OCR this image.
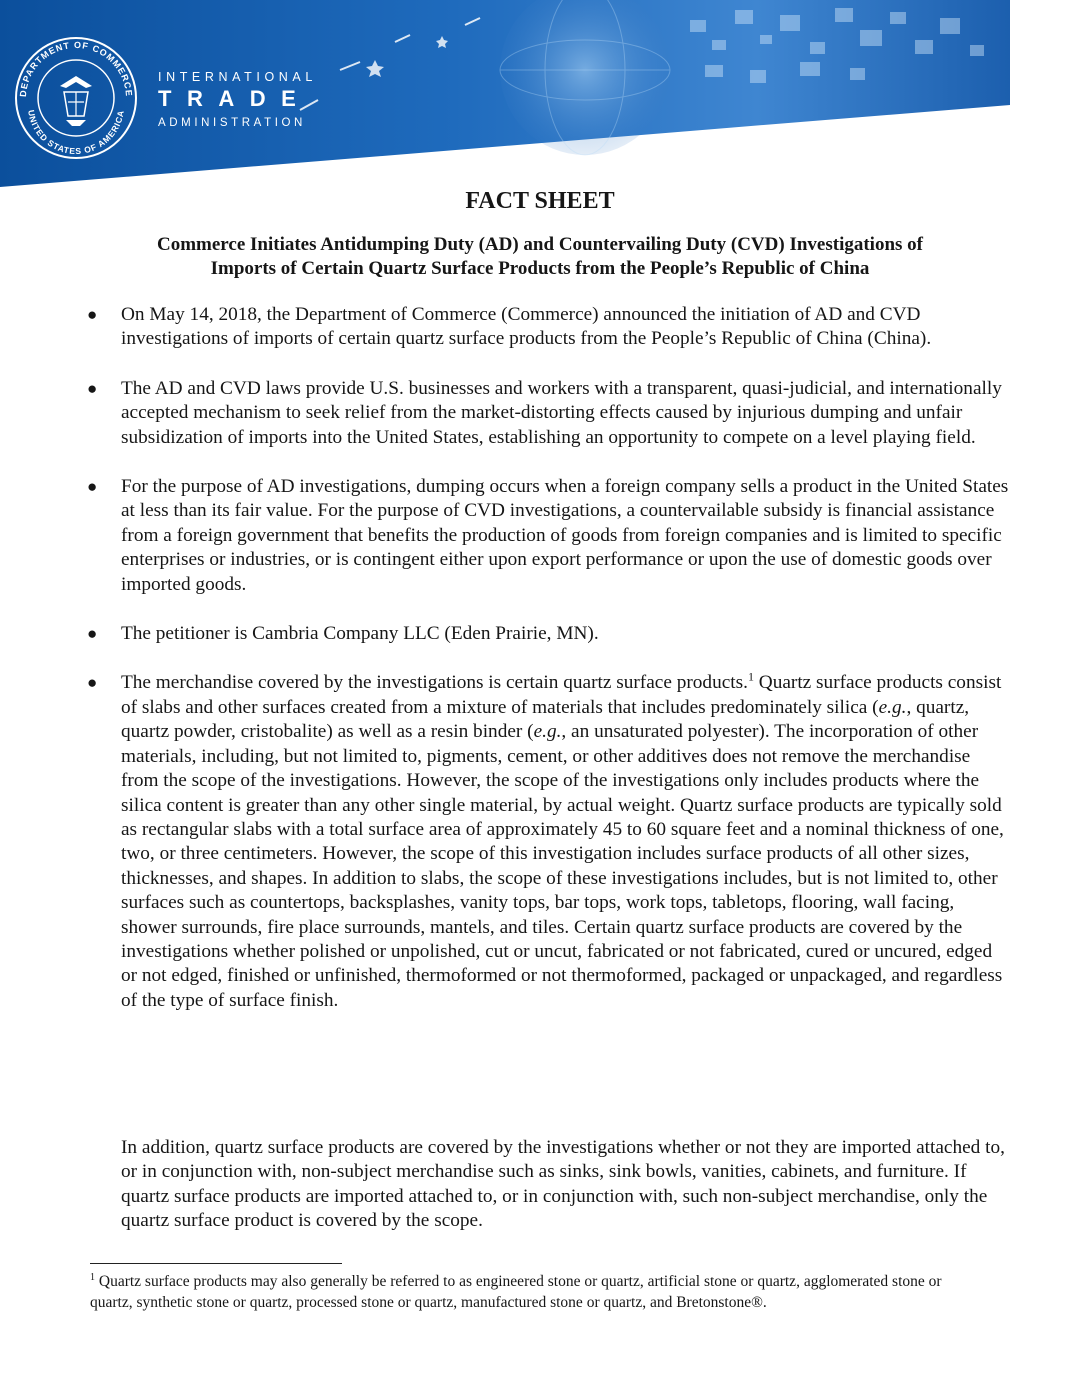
DEPARTMENT OF COMMERCE
UNITED STATES OF AMERICA
INTERNATIONAL
TRADE
ADMINISTRATION
FACT SHEET
Commerce Initiates Antidumping Duty (AD) and Countervailing Duty (CVD) Investigations of
Imports of Certain Quartz Surface Products from the People’s Republic of China
● On May 14, 2018, the Department of Commerce (Commerce) announced the initiation of AD and CVD investigations of imports of certain quartz surface products from the People’s Republic of China (China).
● The AD and CVD laws provide U.S. businesses and workers with a transparent, quasi-judicial, and internationally accepted mechanism to seek relief from the market-distorting effects caused by injurious dumping and unfair subsidization of imports into the United States, establishing an opportunity to compete on a level playing field.
● For the purpose of AD investigations, dumping occurs when a foreign company sells a product in the United States at less than its fair value. For the purpose of CVD investigations, a countervailable subsidy is financial assistance from a foreign government that benefits the production of goods from foreign companies and is limited to specific enterprises or industries, or is contingent either upon export performance or upon the use of domestic goods over imported goods.
● The petitioner is Cambria Company LLC (Eden Prairie, MN).
● The merchandise covered by the investigations is certain quartz surface products.$^1$ Quartz surface products consist of slabs and other surfaces created from a mixture of materials that includes predominately silica (e.g., quartz, quartz powder, cristobalite) as well as a resin binder (e.g., an unsaturated polyester). The incorporation of other materials, including, but not limited to, pigments, cement, or other additives does not remove the merchandise from the scope of the investigations. However, the scope of the investigations only includes products where the silica content is greater than any other single material, by actual weight. Quartz surface products are typically sold as rectangular slabs with a total surface area of approximately 45 to 60 square feet and a nominal thickness of one, two, or three centimeters. However, the scope of this investigation includes surface products of all other sizes, thicknesses, and shapes. In addition to slabs, the scope of these investigations includes, but is not limited to, other surfaces such as countertops, backsplashes, vanity tops, bar tops, work tops, tabletops, flooring, wall facing, shower surrounds, fire place surrounds, mantels, and tiles. Certain quartz surface products are covered by the investigations whether polished or unpolished, cut or uncut, fabricated or not fabricated, cured or uncured, edged or not edged, finished or unfinished, thermoformed or not thermoformed, packaged or unpackaged, and regardless of the type of surface finish.
In addition, quartz surface products are covered by the investigations whether or not they are imported attached to, or in conjunction with, non-subject merchandise such as sinks, sink bowls, vanities, cabinets, and furniture. If quartz surface products are imported attached to, or in conjunction with, such non-subject merchandise, only the quartz surface product is covered by the scope.
$^1$ Quartz surface products may also generally be referred to as engineered stone or quartz, artificial stone or quartz, agglomerated stone or quartz, synthetic stone or quartz, processed stone or quartz, manufactured stone or quartz, and Bretonstone®.
